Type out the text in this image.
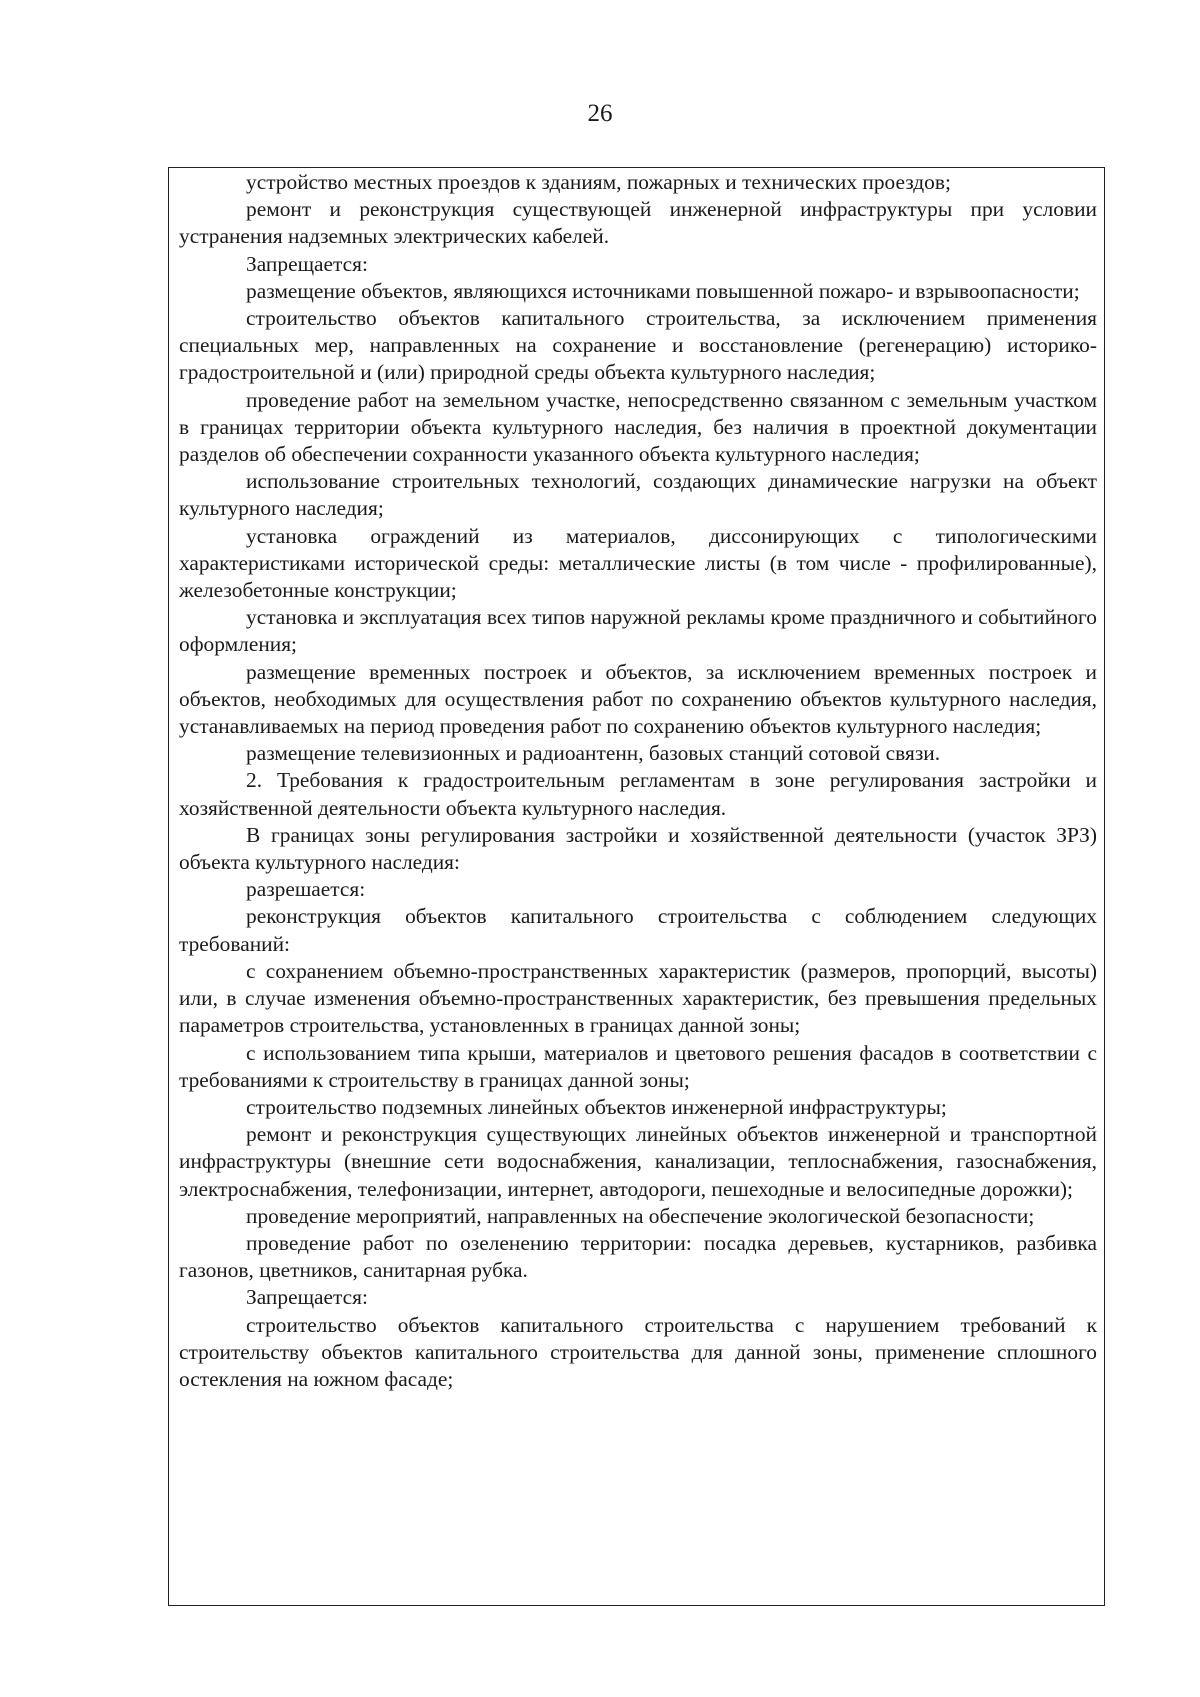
26

устройство местных проездов к зданиям, пожарных и технических проездов;

ремонт и реконструкция существующей инженерной инфраструктуры при условии устранения надземных электрических кабелей.

Запрещается:

размещение объектов, являющихся источниками повышенной пожаро- и взрывоопасности;

строительство объектов капитального строительства, за исключением применения специальных мер, направленных на сохранение и восстановление (регенерацию) историко-градостроительной и (или) природной среды объекта культурного наследия;

проведение работ на земельном участке, непосредственно связанном с земельным участком в границах территории объекта культурного наследия, без наличия в проектной документации разделов об обеспечении сохранности указанного объекта культурного наследия;

использование строительных технологий, создающих динамические нагрузки на объект культурного наследия;

установка ограждений из материалов, диссонирующих с типологическими характеристиками исторической среды: металлические листы (в том числе - профилированные), железобетонные конструкции;

установка и эксплуатация всех типов наружной рекламы кроме праздничного и событийного оформления;

размещение временных построек и объектов, за исключением временных построек и объектов, необходимых для осуществления работ по сохранению объектов культурного наследия, устанавливаемых на период проведения работ по сохранению объектов культурного наследия;

размещение телевизионных и радиоантенн, базовых станций сотовой связи.

2. Требования к градостроительным регламентам в зоне регулирования застройки и хозяйственной деятельности объекта культурного наследия.

В границах зоны регулирования застройки и хозяйственной деятельности (участок ЗРЗ) объекта культурного наследия:

разрешается:

реконструкция объектов капитального строительства с соблюдением следующих требований:

с сохранением объемно-пространственных характеристик (размеров, пропорций, высоты) или, в случае изменения объемно-пространственных характеристик, без превышения предельных параметров строительства, установленных в границах данной зоны;

с использованием типа крыши, материалов и цветового решения фасадов в соответствии с требованиями к строительству в границах данной зоны;

строительство подземных линейных объектов инженерной инфраструктуры;

ремонт и реконструкция существующих линейных объектов инженерной и транспортной инфраструктуры (внешние сети водоснабжения, канализации, теплоснабжения, газоснабжения, электроснабжения, телефонизации, интернет, автодороги, пешеходные и велосипедные дорожки);

проведение мероприятий, направленных на обеспечение экологической безопасности;

проведение работ по озеленению территории: посадка деревьев, кустарников, разбивка газонов, цветников, санитарная рубка.

Запрещается:

строительство объектов капитального строительства с нарушением требований к строительству объектов капитального строительства для данной зоны, применение сплошного остекления на южном фасаде;
